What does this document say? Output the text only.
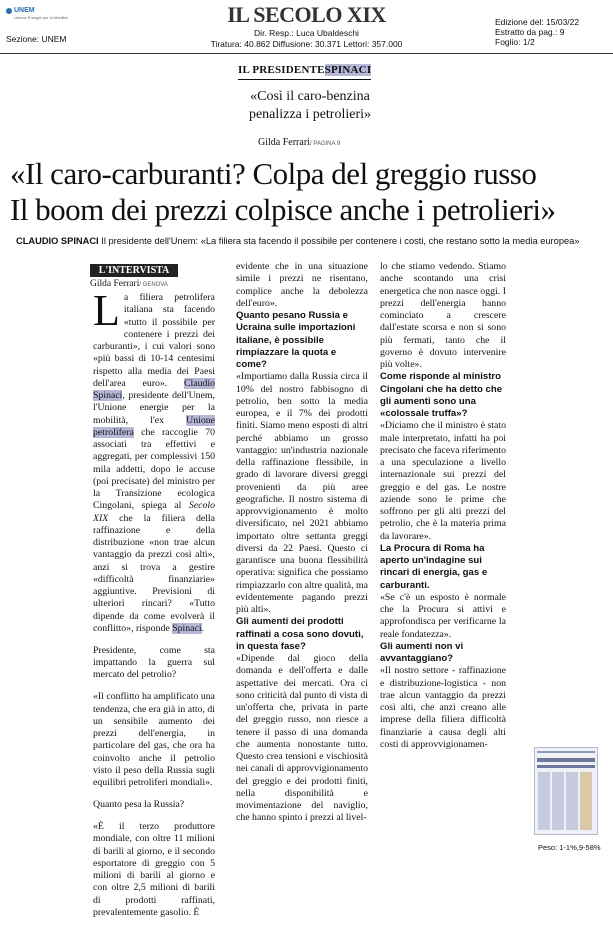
UNEM
Unione Energie per la Mobilità
Sezione: UNEM
IL SECOLO XIX
Dir. Resp.: Luca Ubaldeschi
Tiratura: 40.862 Diffusione: 30.371 Lettori: 357.000
Edizione del: 15/03/22
Estratto da pag.: 9
Foglio: 1/2
IL PRESIDENTESPINACI
«Così il caro-benzina penalizza i petrolieri»
Gilda Ferrari/ PAGINA 9
«Il caro-carburanti? Colpa del greggio russo
Il boom dei prezzi colpisce anche i petrolieri»
CLAUDIO SPINACI Il presidente dell'Unem: «La filiera sta facendo il possibile per contenere i costi, che restano sotto la media europea»
L'INTERVISTA
Gilda Ferrari/ GENOVA
La filiera petrolifera italiana sta facendo «tutto il possibile per contenere i prezzi dei carburanti», i cui valori sono «più bassi di 10-14 centesimi rispetto alla media dei Paesi dell'area euro». Claudio Spinaci, presidente dell'Unem, l'Unione energie per la mobilità, l'ex Unione petrolifera che raccoglie 70 associati tra effettivi e aggregati, per complessivi 150 mila addetti, dopo le accuse (poi precisate) del ministro per la Transizione ecologica Cingolani, spiega al Secolo XIX che la filiera della raffinazione e della distribuzione «non trae alcun vantaggio da prezzi così alti», anzi si trova a gestire «difficoltà finanziarie» aggiuntive. Previsioni di ulteriori rincari? «Tutto dipende da come evolverà il conflitto», risponde Spinaci.

Presidente, come sta impattando la guerra sul mercato del petrolio?

«Il conflitto ha amplificato una tendenza, che era già in atto, di un sensibile aumento dei prezzi dell'energia, in particolare del gas, che ora ha coinvolto anche il petrolio visto il peso della Russia sugli equilibri petroliferi mondiali».

Quanto pesa la Russia?

«È il terzo produttore mondiale, con oltre 11 milioni di barili al giorno, e il secondo esportatore di greggio con 5 milioni di barili al giorno e con oltre 2,5 milioni di barili di prodotti raffinati, prevalentemente gasolio. È

evidente che in una situazione simile i prezzi ne risentano, complice anche la debolezza dell'euro».

Quanto pesano Russia e Ucraina sulle importazioni italiane, è possibile rimpiazzare la quota e come?

«Importiamo dalla Russia circa il 10% del nostro fabbisogno di petrolio, ben sotto la media europea, e il 7% dei prodotti finiti. Siamo meno esposti di altri perché abbiamo un grosso vantaggio: un'industria nazionale della raffinazione flessibile, in grado di lavorare diversi greggi provenienti da più aree geografiche. Il nostro sistema di approvvigionamento è molto diversificato, nel 2021 abbiamo importato oltre settanta greggi diversi da 22 Paesi. Questo ci garantisce una buona flessibilità operativa: significa che possiamo rimpiazzarlo con altre qualità, ma evidentemente pagando prezzi più alti».

Gli aumenti dei prodotti raffinati a cosa sono dovuti, in questa fase?

«Dipende dal gioco della domanda e dell'offerta e dalle aspettative dei mercati. Ora ci sono criticità dal punto di vista di un'offerta che, privata in parte del greggio russo, non riesce a tenere il passo di una domanda che aumenta nonostante tutto. Questo crea tensioni e vischiosità nei canali di approvvigionamento del greggio e dei prodotti finiti, nella disponibilità e movimentazione del naviglio, che hanno spinto i prezzi al livel-

lo che stiamo vedendo. Stiamo anche scontando una crisi energetica che non nasce oggi. I prezzi dell'energia hanno cominciato a crescere dall'estate scorsa e non si sono più fermati, tanto che il governo è dovuto intervenire più volte».

Come risponde al ministro Cingolani che ha detto che gli aumenti sono una «colossale truffa»?

«Diciamo che il ministro è stato male interpretato, infatti ha poi precisato che faceva riferimento a una speculazione a livello internazionale sui prezzi del greggio e del gas. Le nostre aziende sono le prime che soffrono per gli alti prezzi del petrolio, che è la materia prima da lavorare».

La Procura di Roma ha aperto un'indagine sui rincari di energia, gas e carburanti.

«Se c'è un esposto è normale che la Procura si attivi e approfondisca per verificarne la reale fondatezza».

Gli aumenti non vi avvantaggiano?

«Il nostro settore - raffinazione e distribuzione-logistica - non trae alcun vantaggio da prezzi così alti, che anzi creano alle imprese della filiera difficoltà finanziarie a causa degli alti costi di approvvigionamen-

Peso: 1-1%,9-58%
